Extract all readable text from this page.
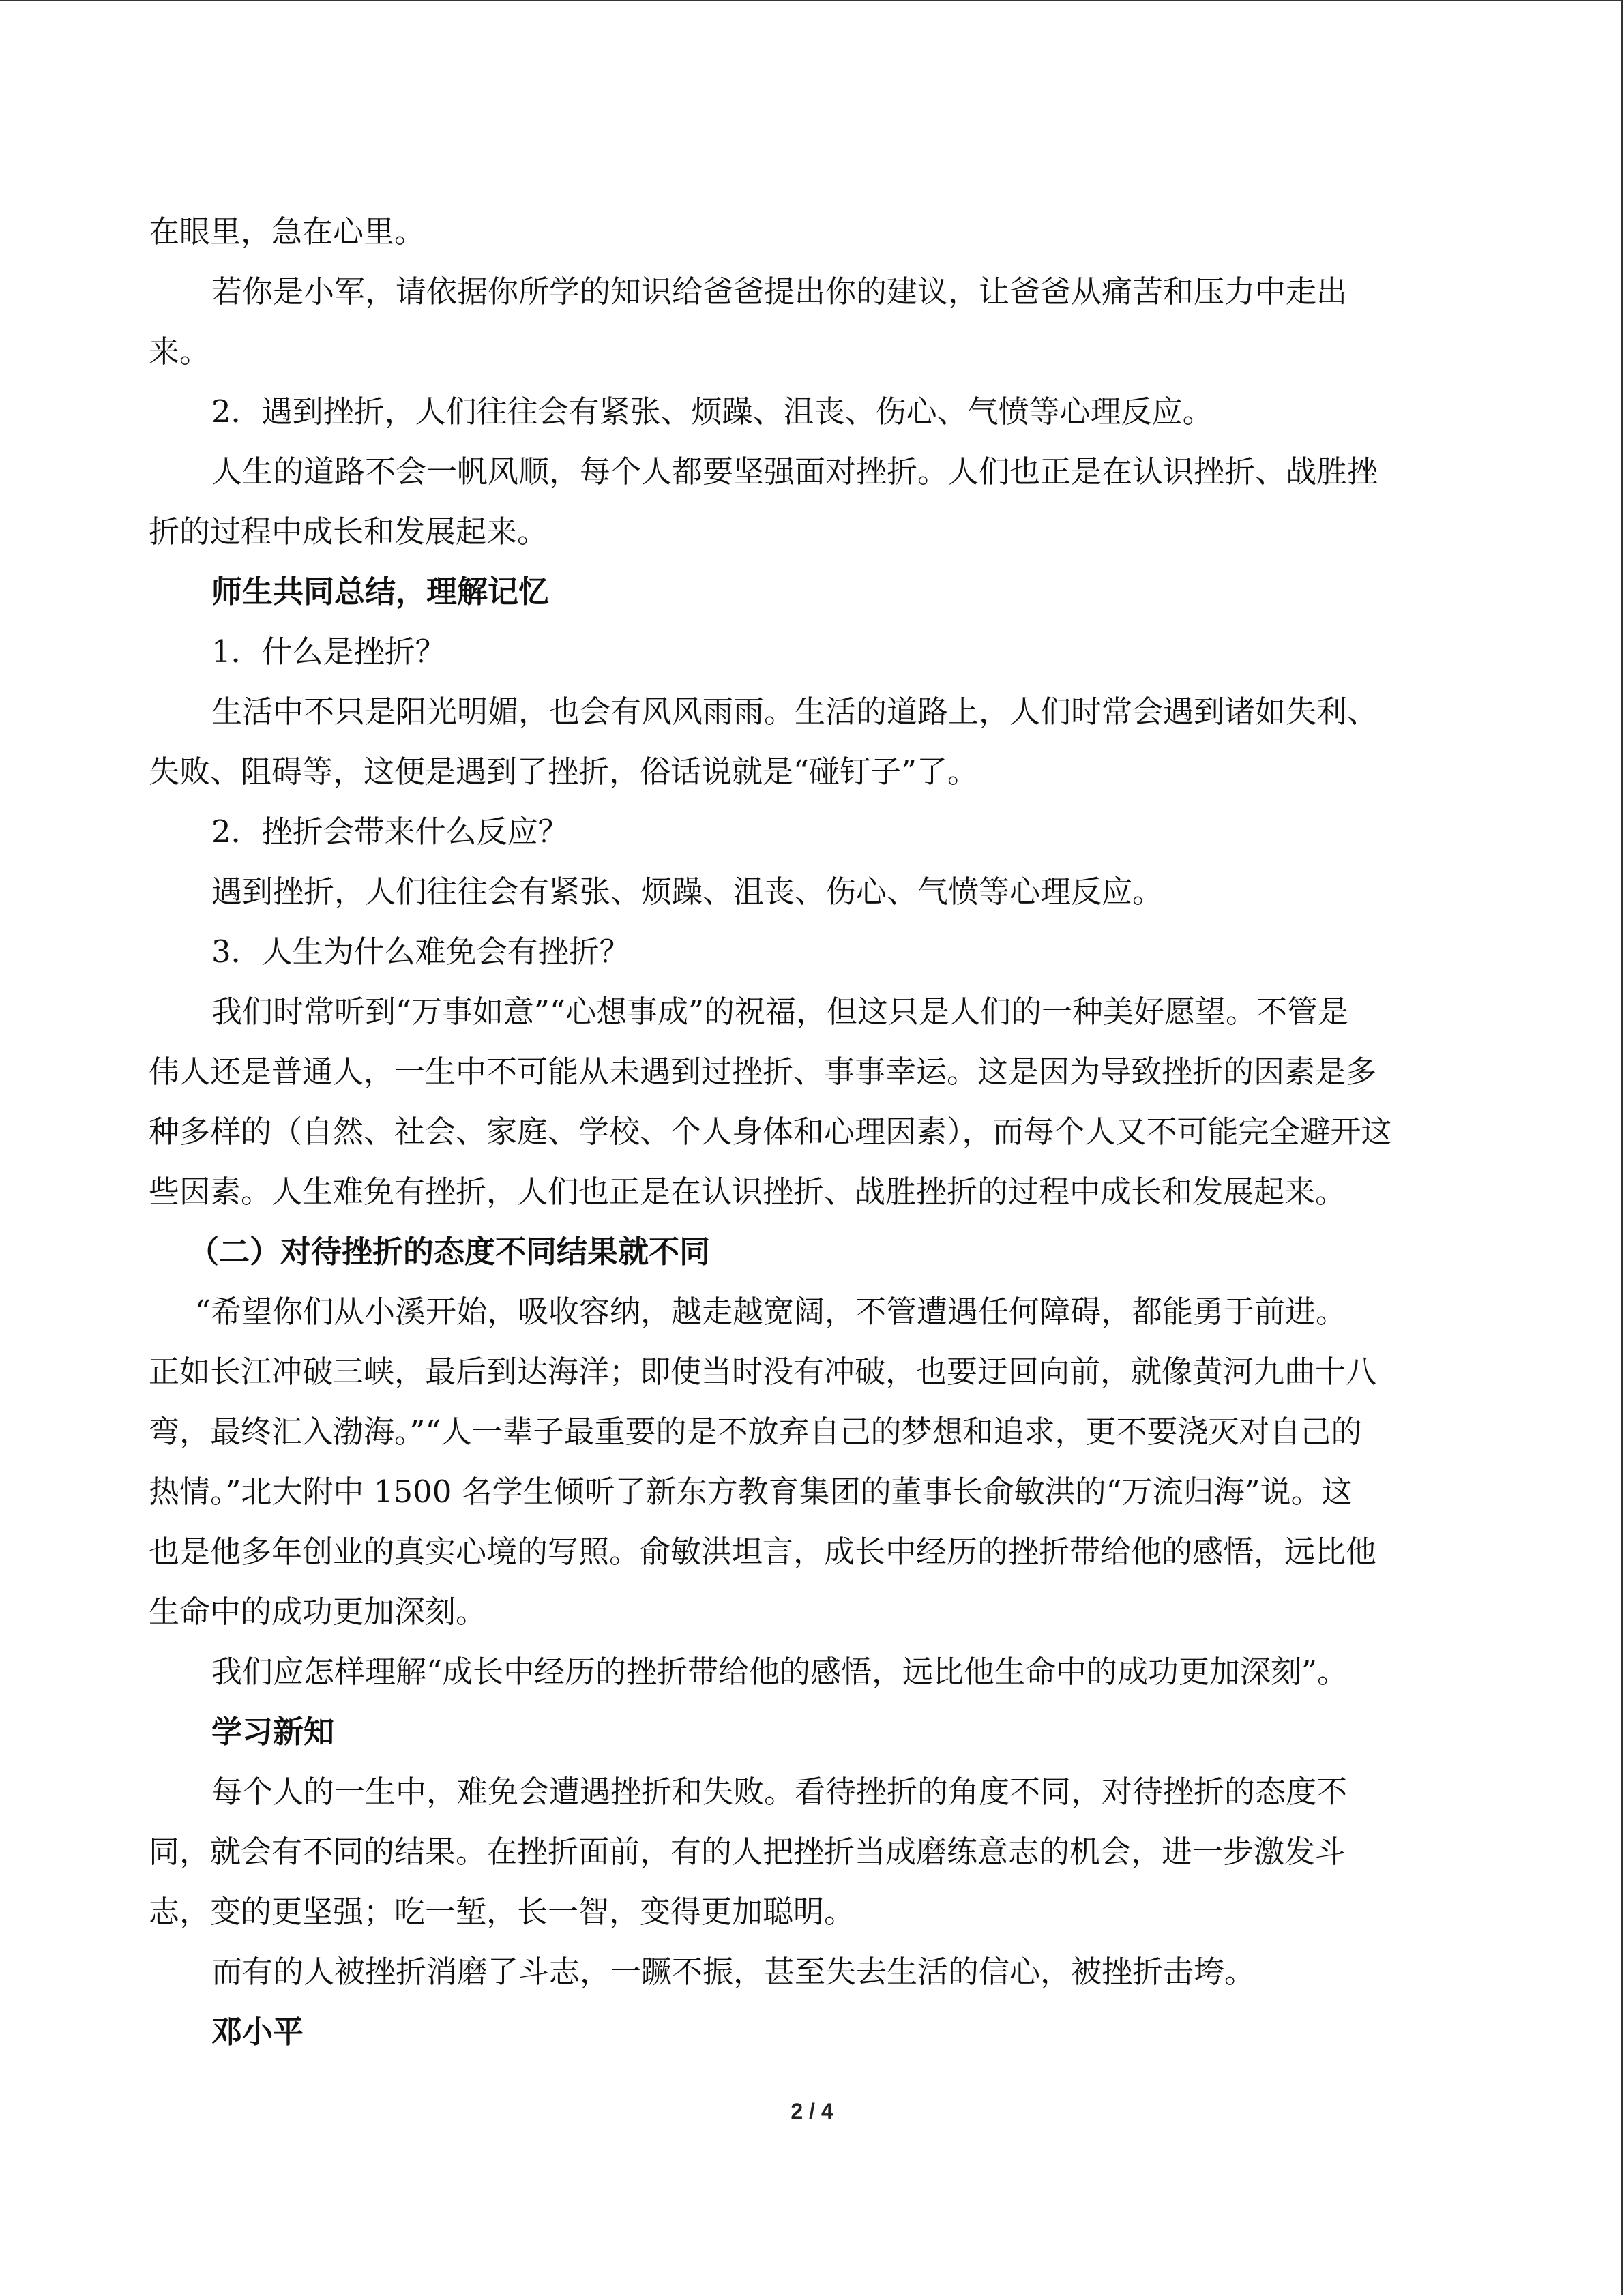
在眼里，急在心里。

若你是小军，请依据你所学的知识给爸爸提出你的建议，让爸爸从痛苦和压力中走出

来。

2．遇到挫折，人们往往会有紧张、烦躁、沮丧、伤心、气愤等心理反应。

人生的道路不会一帆风顺，每个人都要坚强面对挫折。人们也正是在认识挫折、战胜挫

折的过程中成长和发展起来。

师生共同总结，理解记忆

1．什么是挫折？

生活中不只是阳光明媚，也会有风风雨雨。生活的道路上，人们时常会遇到诸如失利、

失败、阻碍等，这便是遇到了挫折，俗话说就是“碰钉子”了。

2．挫折会带来什么反应？

遇到挫折，人们往往会有紧张、烦躁、沮丧、伤心、气愤等心理反应。

3．人生为什么难免会有挫折？

我们时常听到“万事如意”“心想事成”的祝福，但这只是人们的一种美好愿望。不管是

伟人还是普通人，一生中不可能从未遇到过挫折、事事幸运。这是因为导致挫折的因素是多

种多样的（自然、社会、家庭、学校、个人身体和心理因素），而每个人又不可能完全避开这

些因素。人生难免有挫折，人们也正是在认识挫折、战胜挫折的过程中成长和发展起来。

（二）对待挫折的态度不同结果就不同

“希望你们从小溪开始，吸收容纳，越走越宽阔，不管遭遇任何障碍，都能勇于前进。

正如长江冲破三峡，最后到达海洋；即使当时没有冲破，也要迂回向前，就像黄河九曲十八

弯，最终汇入渤海。”“人一辈子最重要的是不放弃自己的梦想和追求，更不要浇灭对自己的

热情。”北大附中 1500 名学生倾听了新东方教育集团的董事长俞敏洪的“万流归海”说。这

也是他多年创业的真实心境的写照。俞敏洪坦言，成长中经历的挫折带给他的感悟，远比他

生命中的成功更加深刻。

我们应怎样理解“成长中经历的挫折带给他的感悟，远比他生命中的成功更加深刻”。

学习新知

每个人的一生中，难免会遭遇挫折和失败。看待挫折的角度不同，对待挫折的态度不

同，就会有不同的结果。在挫折面前，有的人把挫折当成磨练意志的机会，进一步激发斗

志，变的更坚强；吃一堑，长一智，变得更加聪明。

而有的人被挫折消磨了斗志，一蹶不振，甚至失去生活的信心，被挫折击垮。

邓小平

2 / 4
